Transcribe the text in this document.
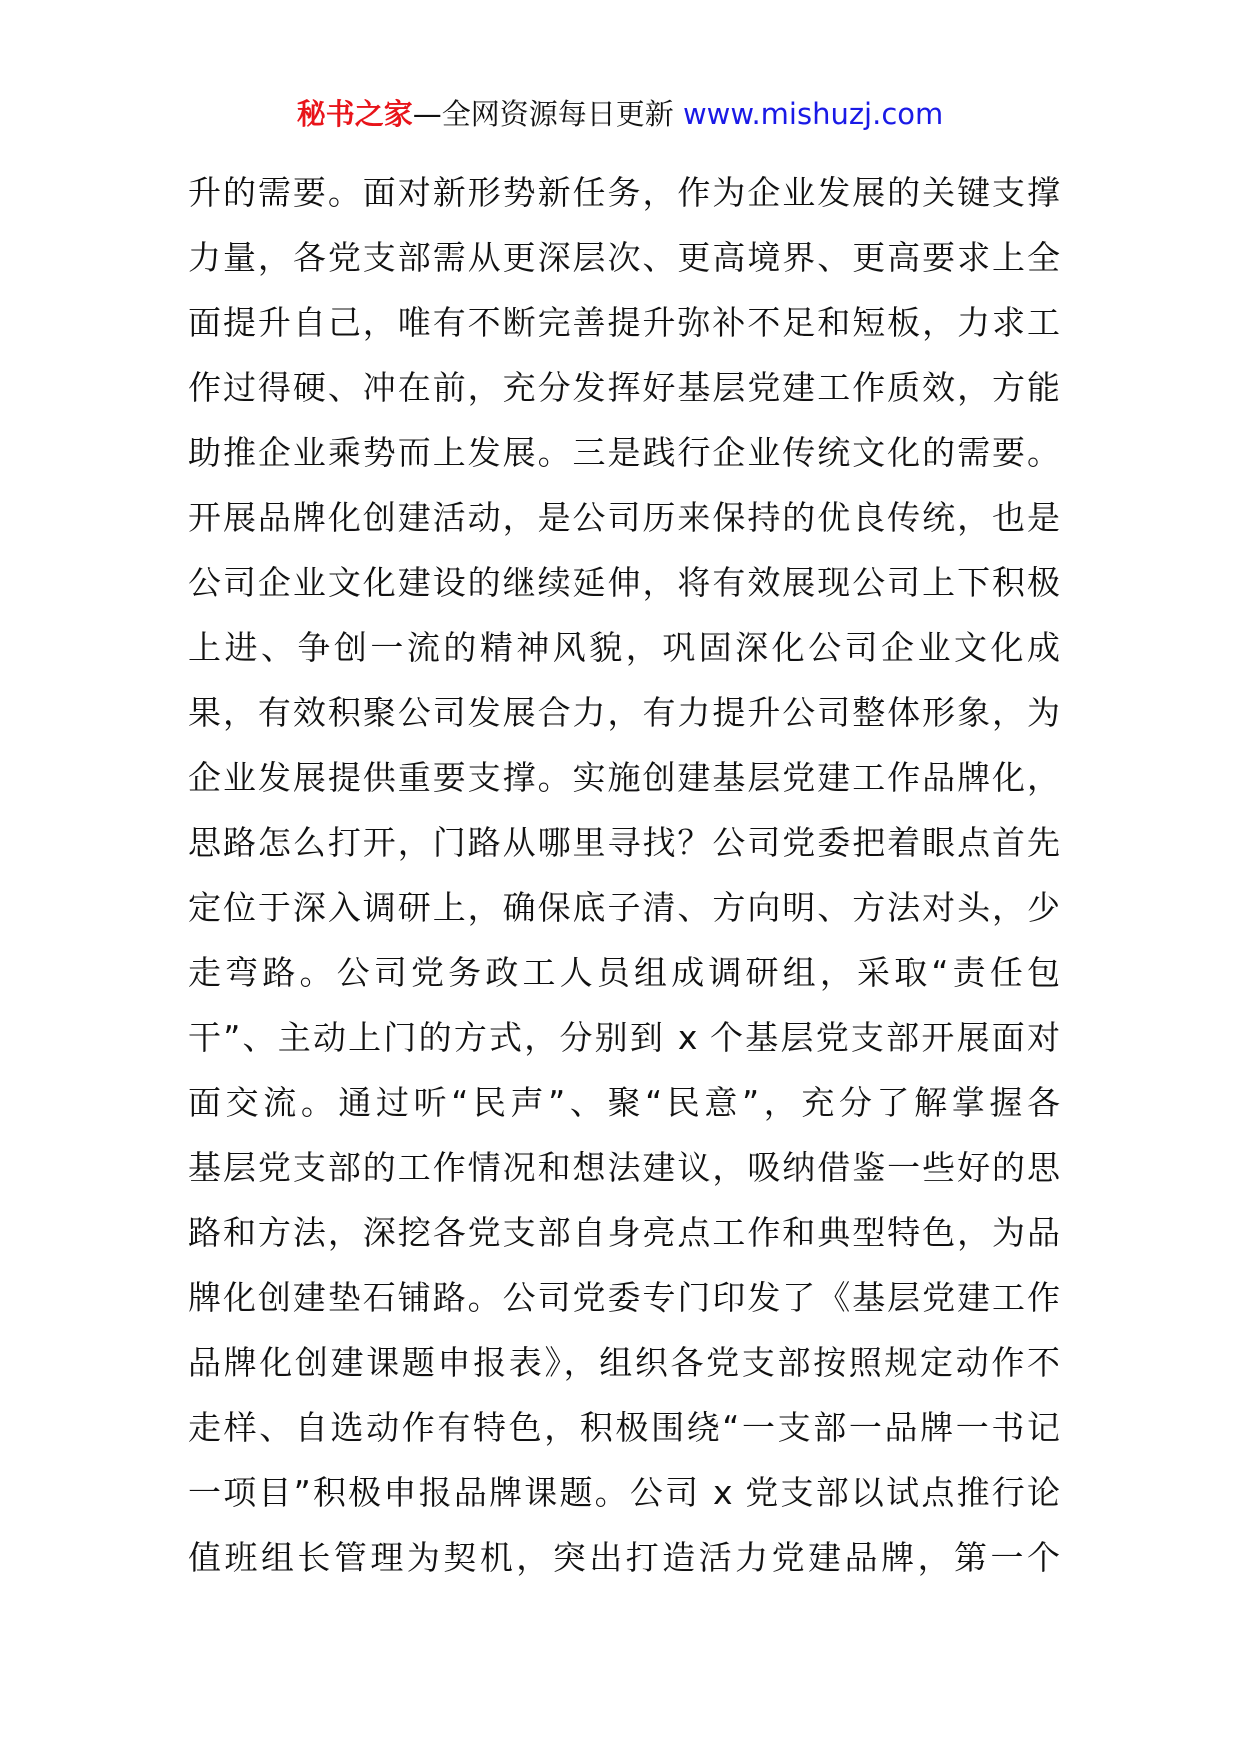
秘书之家—全网资源每日更新 www.mishuzj.com
升的需要。面对新形势新任务，作为企业发展的关键支撑
力量，各党支部需从更深层次、更高境界、更高要求上全
面提升自己，唯有不断完善提升弥补不足和短板，力求工
作过得硬、冲在前，充分发挥好基层党建工作质效，方能
助推企业乘势而上发展。三是践行企业传统文化的需要。
开展品牌化创建活动，是公司历来保持的优良传统，也是
公司企业文化建设的继续延伸，将有效展现公司上下积极
上进、争创一流的精神风貌，巩固深化公司企业文化成
果，有效积聚公司发展合力，有力提升公司整体形象，为
企业发展提供重要支撑。实施创建基层党建工作品牌化，
思路怎么打开，门路从哪里寻找？公司党委把着眼点首先
定位于深入调研上，确保底子清、方向明、方法对头，少
走弯路。公司党务政工人员组成调研组，采取“责任包
干”、主动上门的方式，分别到 x 个基层党支部开展面对
面交流。通过听“民声”、聚“民意”，充分了解掌握各
基层党支部的工作情况和想法建议，吸纳借鉴一些好的思
路和方法，深挖各党支部自身亮点工作和典型特色，为品
牌化创建垫石铺路。公司党委专门印发了《基层党建工作
品牌化创建课题申报表》，组织各党支部按照规定动作不
走样、自选动作有特色，积极围绕“一支部一品牌一书记
一项目”积极申报品牌课题。公司 x 党支部以试点推行论
值班组长管理为契机，突出打造活力党建品牌，第一个
